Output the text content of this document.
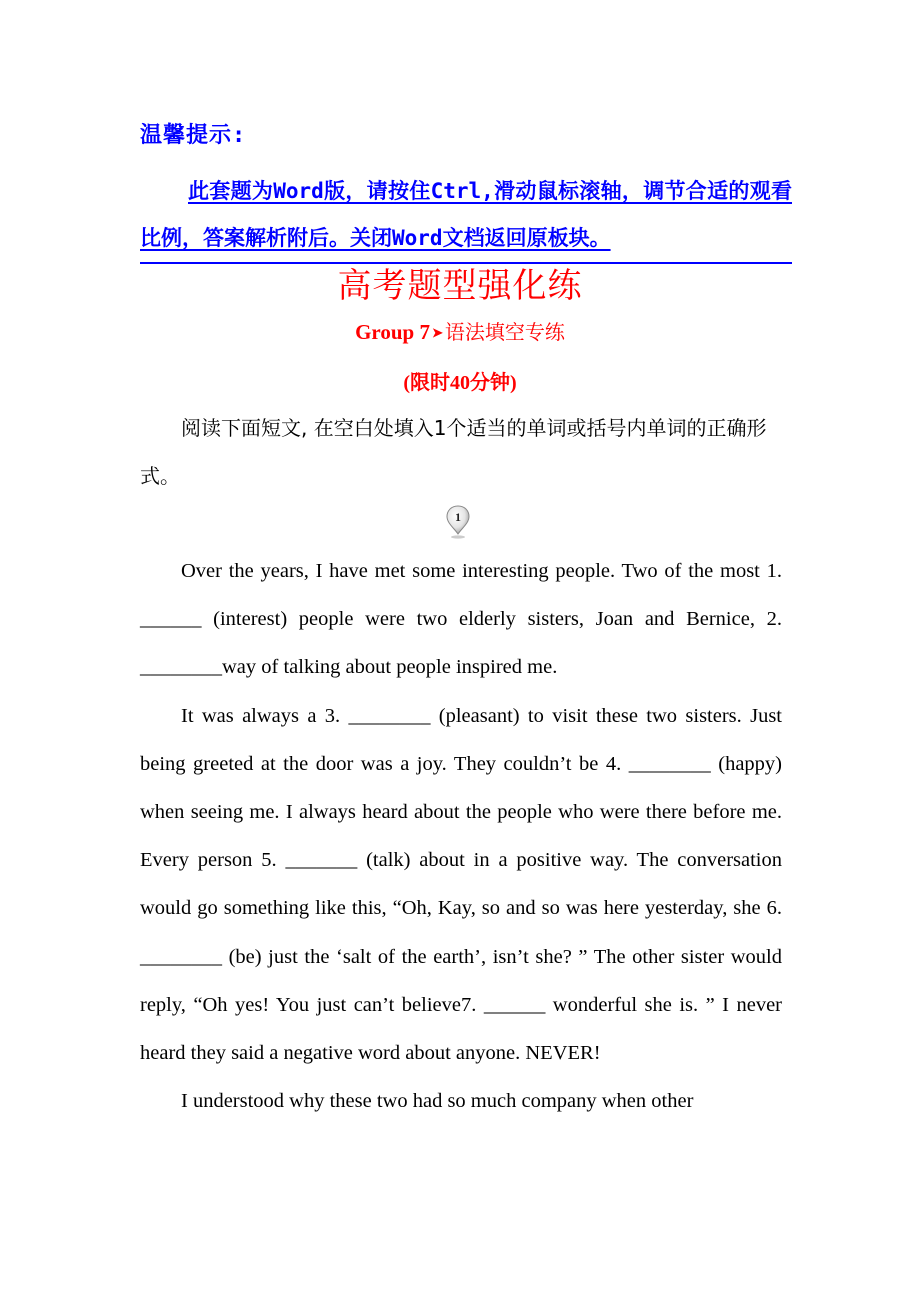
温馨提示:
此套题为Word版，请按住Ctrl,滑动鼠标滚轴，调节合适的观看比例，答案解析附后。关闭Word文档返回原板块。
高考题型强化练
Group 7 ➤ 语法填空专练
(限时40分钟)
阅读下面短文, 在空白处填入1个适当的单词或括号内单词的正确形式。
1

Over the years, I have met some interesting people. Two of the most 1. ______ (interest) people were two elderly sisters, Joan and Bernice, 2. ________way of talking about people inspired me.

It was always a 3. ________ (pleasant) to visit these two sisters. Just being greeted at the door was a joy. They couldn’t be 4. ________ (happy) when seeing me. I always heard about the people who were there before me. Every person 5. _______ (talk) about in a positive way. The conversation would go something like this, “Oh, Kay, so and so was here yesterday, she 6. ________ (be) just the ‘salt of the earth’, isn’t she? ” The other sister would reply, “Oh yes! You just can’t believe7. ______ wonderful she is. ” I never heard they said a negative word about anyone. NEVER!

I understood why these two had so much company when other
